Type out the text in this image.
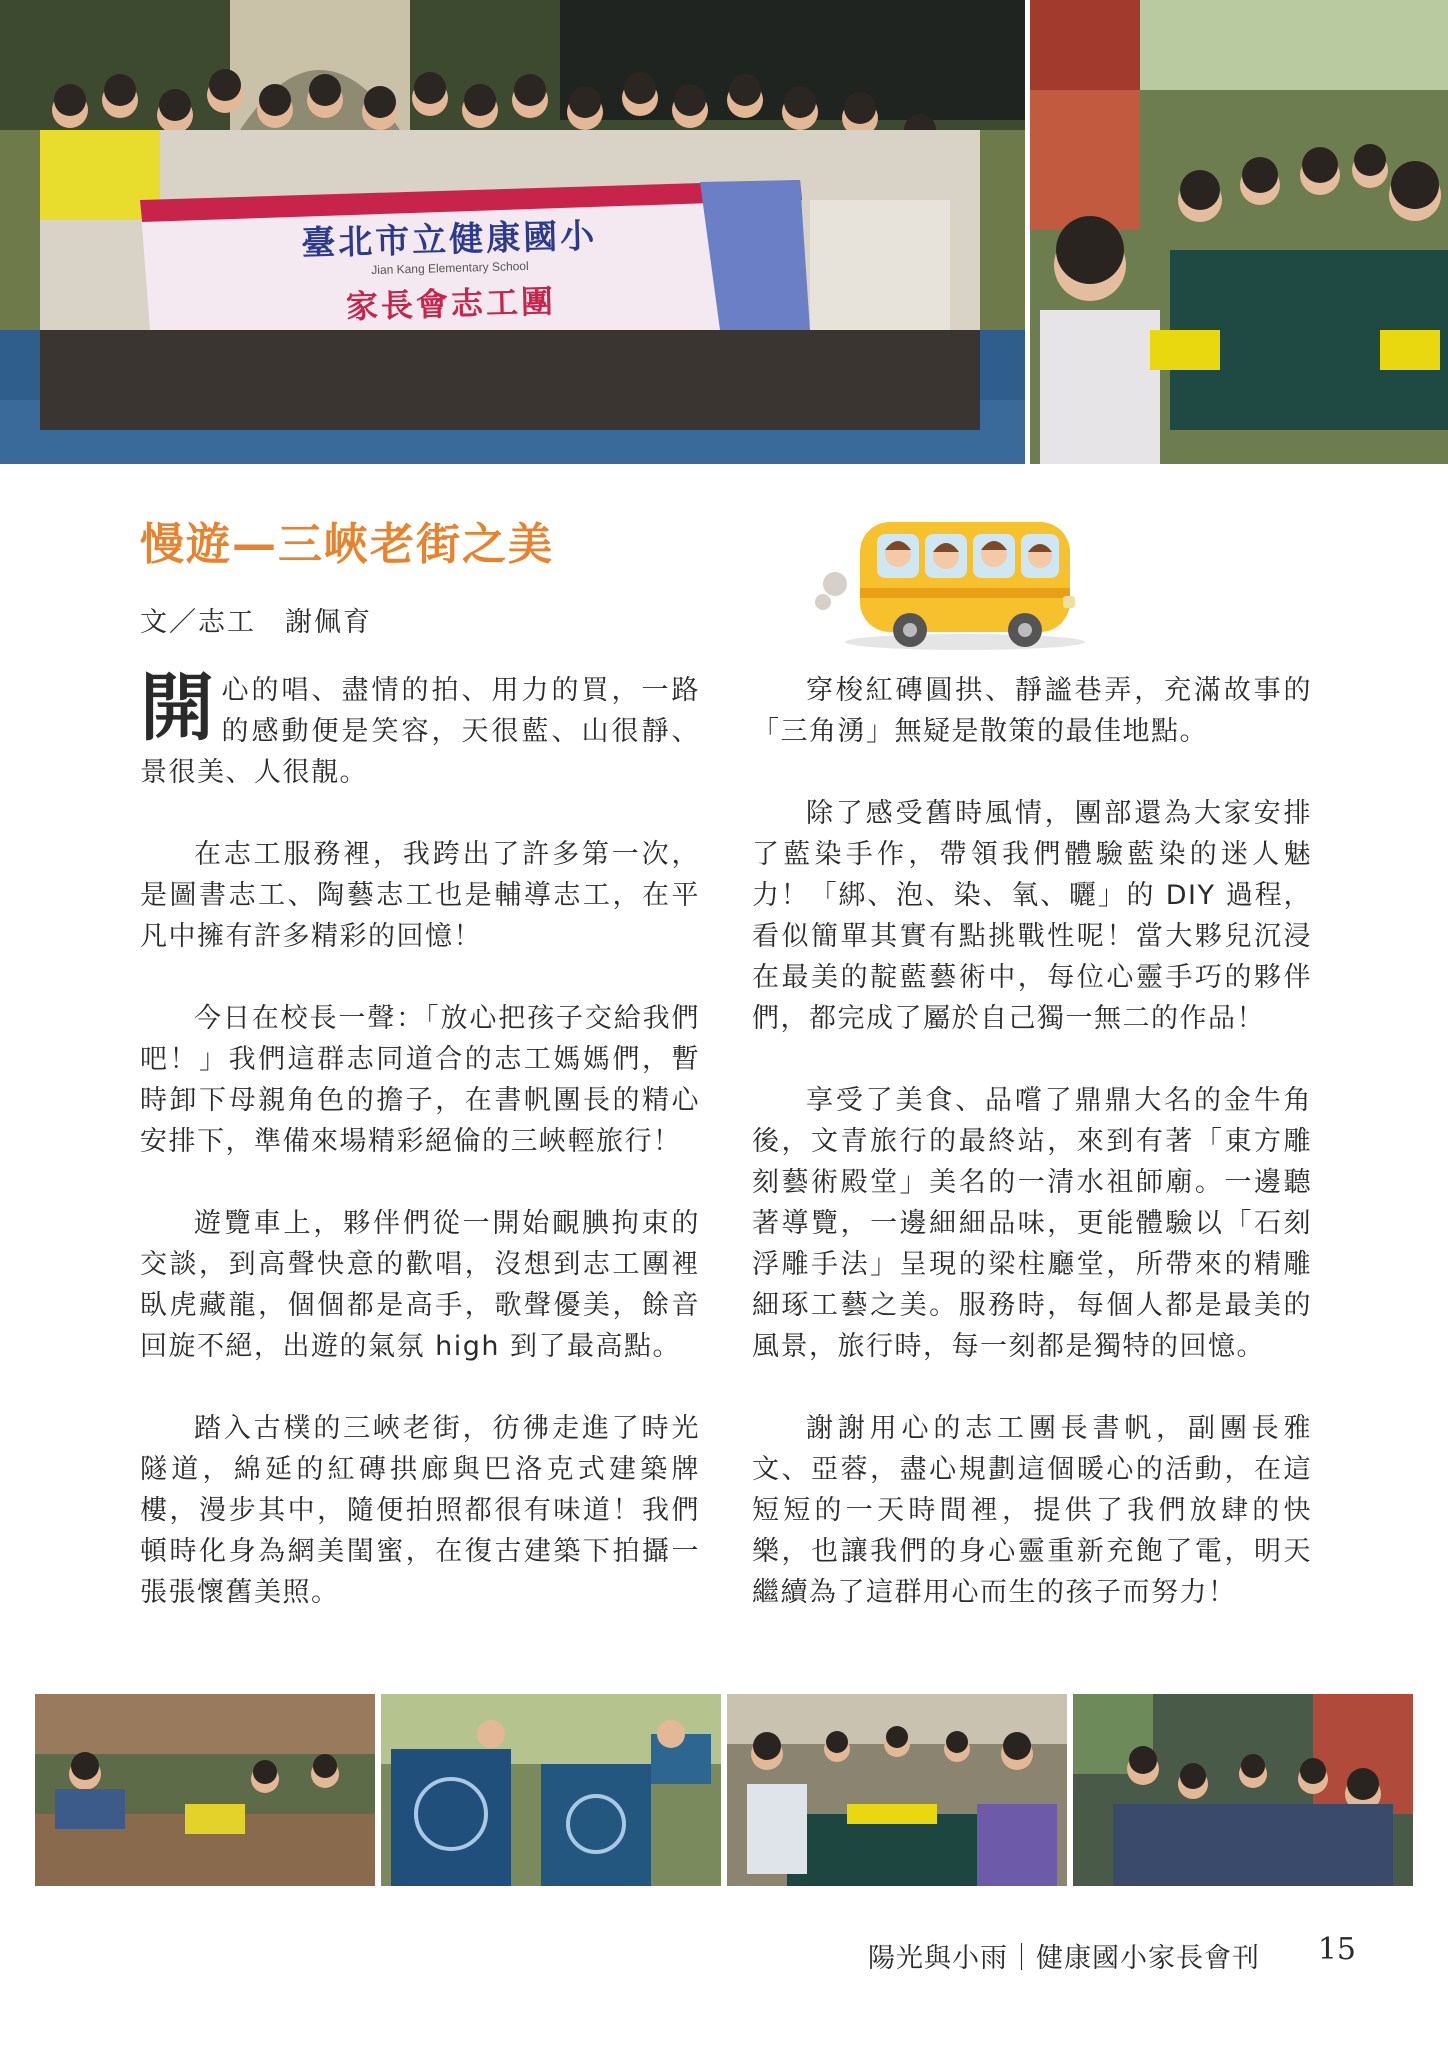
慢遊—三峽老街之美
文／志工　謝佩育

開心的唱、盡情的拍、用力的買，一路的感動便是笑容，天很藍、山很靜、景很美、人很靚。

在志工服務裡，我跨出了許多第一次，是圖書志工、陶藝志工也是輔導志工，在平凡中擁有許多精彩的回憶！

今日在校長一聲：「放心把孩子交給我們吧！」我們這群志同道合的志工媽媽們，暫時卸下母親角色的擔子，在書帆團長的精心安排下，準備來場精彩絕倫的三峽輕旅行！

遊覽車上，夥伴們從一開始靦腆拘束的交談，到高聲快意的歡唱，沒想到志工團裡臥虎藏龍，個個都是高手，歌聲優美，餘音回旋不絕，出遊的氣氛 high 到了最高點。

踏入古樸的三峽老街，彷彿走進了時光隧道，綿延的紅磚拱廊與巴洛克式建築牌樓，漫步其中，隨便拍照都很有味道！我們頓時化身為網美閨蜜，在復古建築下拍攝一張張懷舊美照。

穿梭紅磚圓拱、靜謐巷弄，充滿故事的「三角湧」無疑是散策的最佳地點。

除了感受舊時風情，團部還為大家安排了藍染手作，帶領我們體驗藍染的迷人魅力！「綁、泡、染、氧、曬」的 DIY 過程，看似簡單其實有點挑戰性呢！當大夥兒沉浸在最美的靛藍藝術中，每位心靈手巧的夥伴們，都完成了屬於自己獨一無二的作品！

享受了美食、品嚐了鼎鼎大名的金牛角後，文青旅行的最終站，來到有著「東方雕刻藝術殿堂」美名的一清水祖師廟。一邊聽著導覽，一邊細細品味，更能體驗以「石刻浮雕手法」呈現的梁柱廳堂，所帶來的精雕細琢工藝之美。服務時，每個人都是最美的風景，旅行時，每一刻都是獨特的回憶。

謝謝用心的志工團長書帆，副團長雅文、亞蓉，盡心規劃這個暖心的活動，在這短短的一天時間裡，提供了我們放肆的快樂，也讓我們的身心靈重新充飽了電，明天繼續為了這群用心而生的孩子而努力！

陽光與小雨｜健康國小家長會刊 15
臺北市立健康國小
Jian Kang Elementary School
家長會志工團
